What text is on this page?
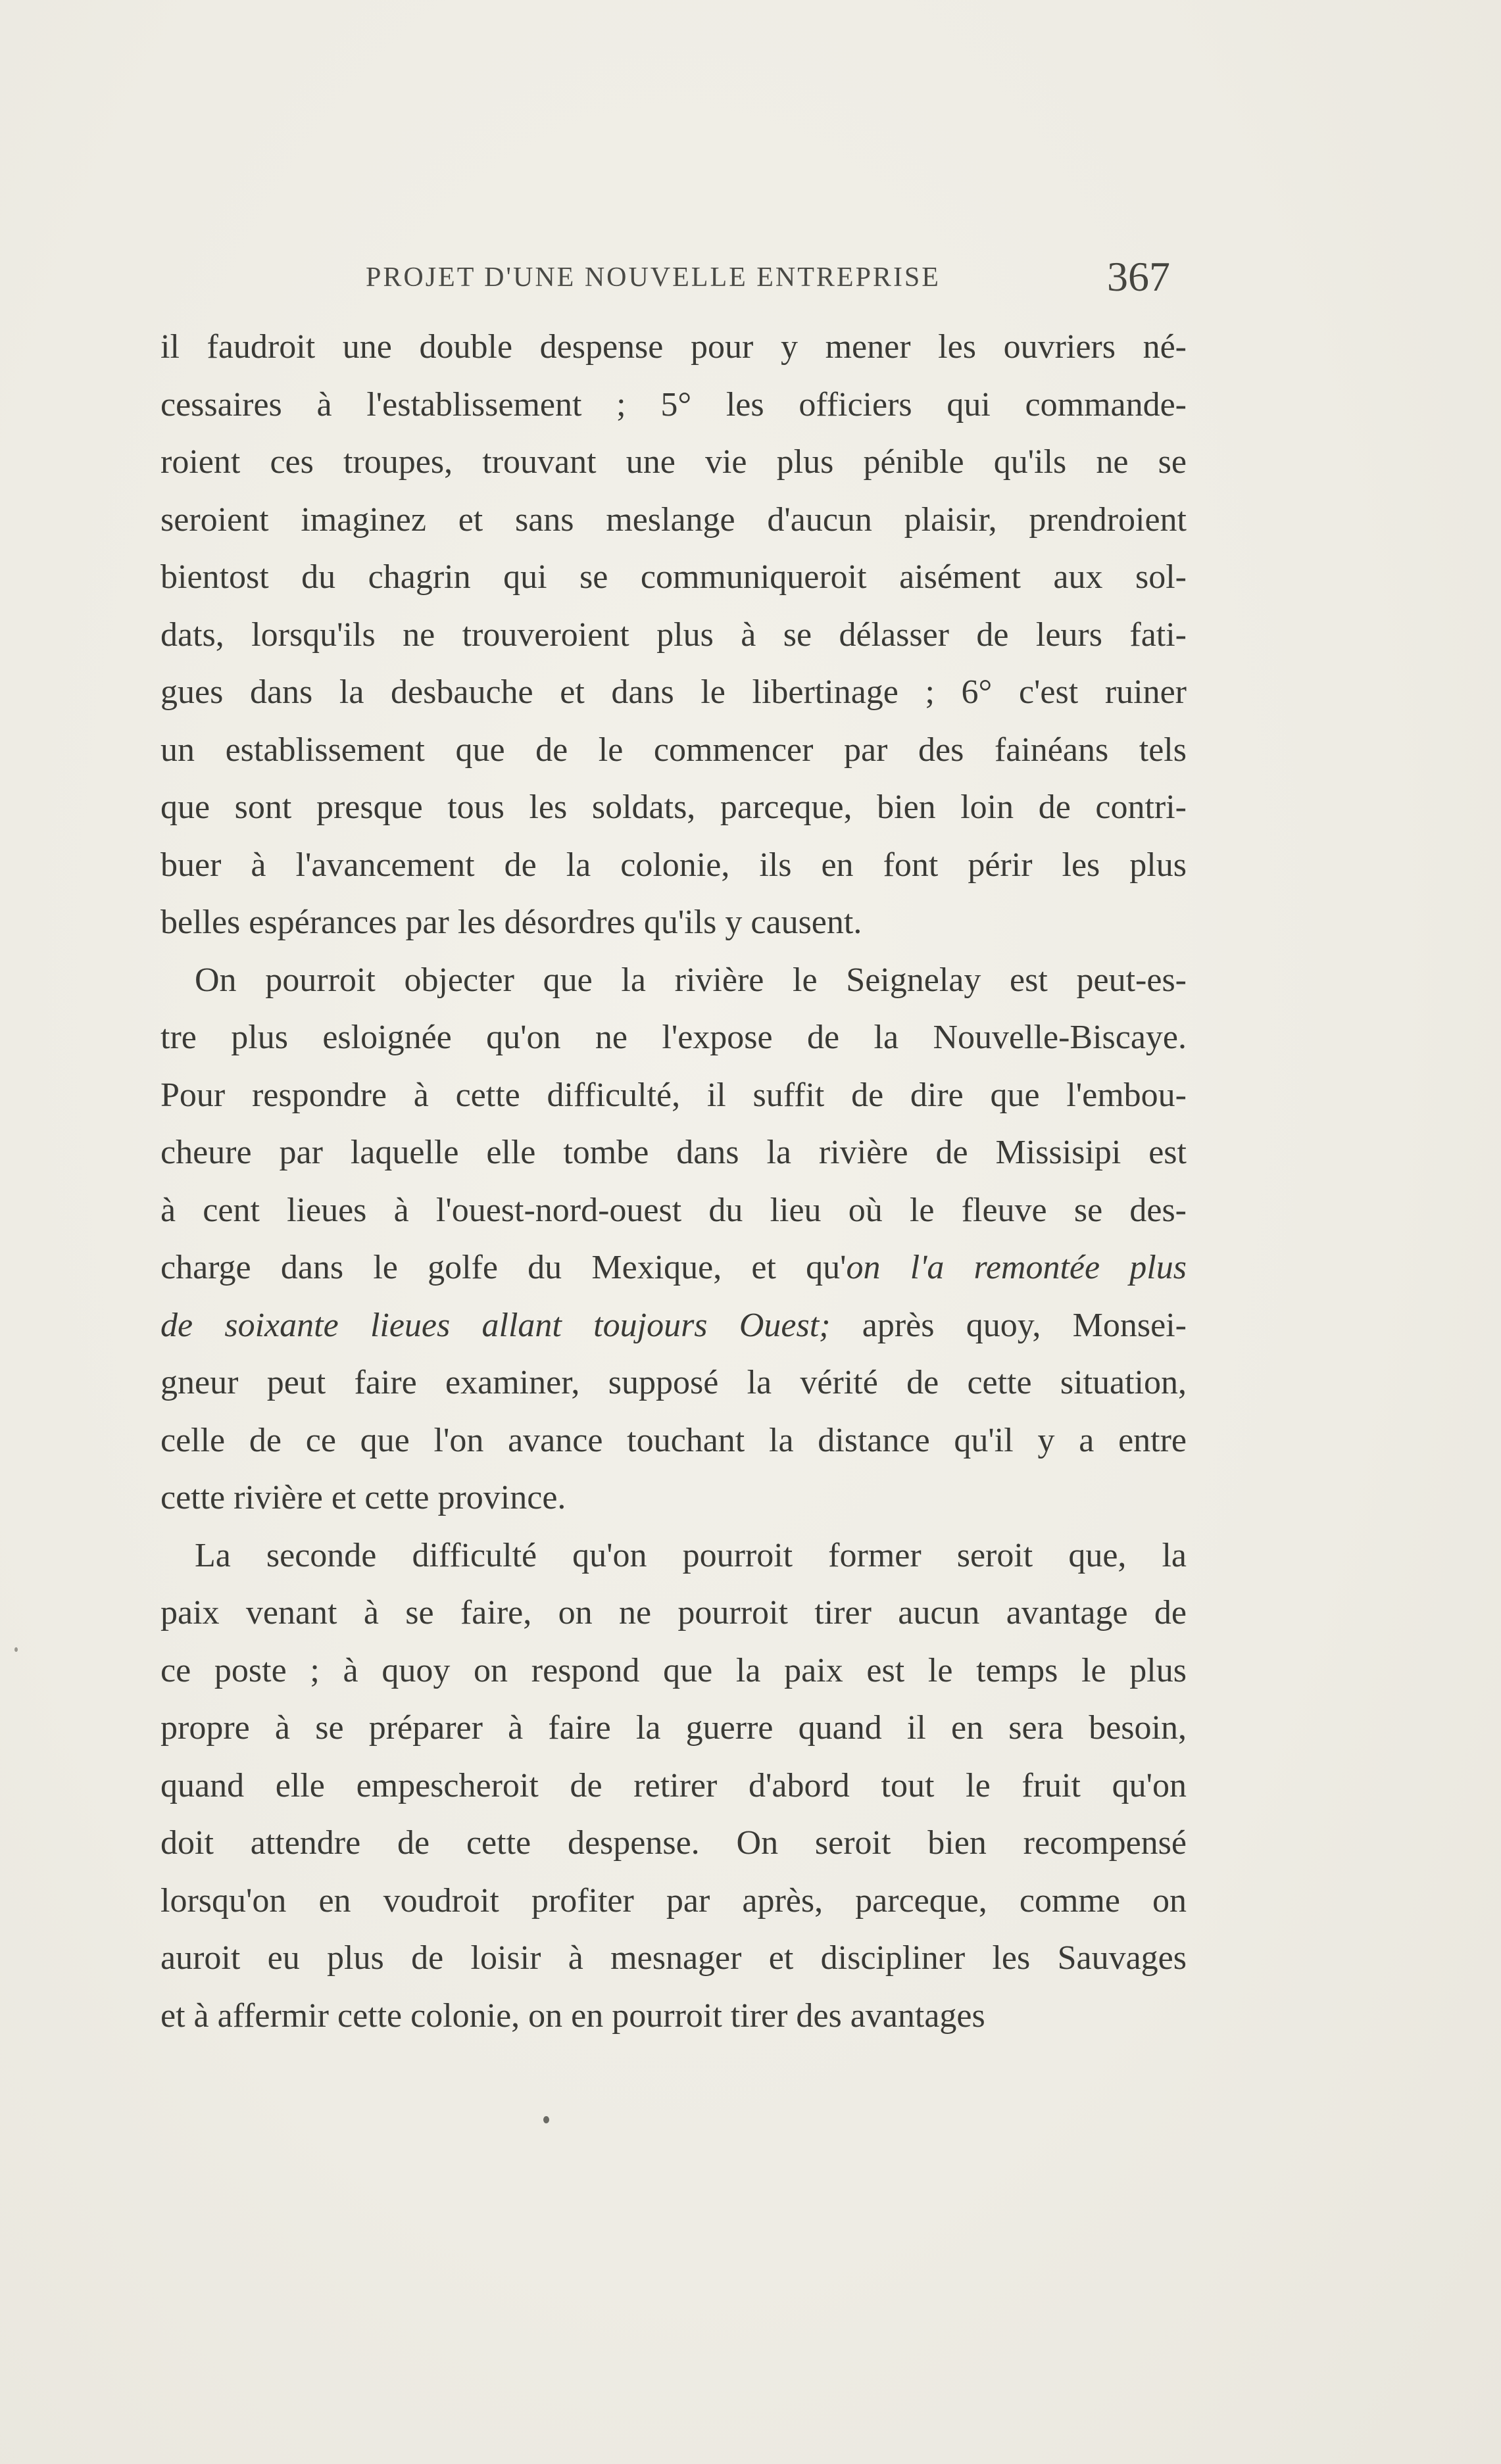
PROJET D'UNE NOUVELLE ENTREPRISE	367
il faudroit une double despense pour y mener les ouvriers né-
cessaires à l'establissement ; 5° les officiers qui commande-
roient ces troupes, trouvant une vie plus pénible qu'ils ne se
seroient imaginez et sans meslange d'aucun plaisir, prendroient
bientost du chagrin qui se communiqueroit aisément aux sol-
dats, lorsqu'ils ne trouveroient plus à se délasser de leurs fati-
gues dans la desbauche et dans le libertinage ; 6° c'est ruiner
un establissement que de le commencer par des fainéans tels
que sont presque tous les soldats, parceque, bien loin de contri-
buer à l'avancement de la colonie, ils en font périr les plus
belles espérances par les désordres qu'ils y causent.
On pourroit objecter que la rivière le Seignelay est peut-es-
tre plus esloignée qu'on ne l'expose de la Nouvelle-Biscaye.
Pour respondre à cette difficulté, il suffit de dire que l'embou-
cheure par laquelle elle tombe dans la rivière de Missisipi est
à cent lieues à l'ouest-nord-ouest du lieu où le fleuve se des-
charge dans le golfe du Mexique, et qu'on l'a remontée plus
de soixante lieues allant toujours Ouest; après quoy, Monsei-
gneur peut faire examiner, supposé la vérité de cette situation,
celle de ce que l'on avance touchant la distance qu'il y a entre
cette rivière et cette province.
La seconde difficulté qu'on pourroit former seroit que, la
paix venant à se faire, on ne pourroit tirer aucun avantage de
ce poste ; à quoy on respond que la paix est le temps le plus
propre à se préparer à faire la guerre quand il en sera besoin,
quand elle empescheroit de retirer d'abord tout le fruit qu'on
doit attendre de cette despense. On seroit bien recompensé
lorsqu'on en voudroit profiter par après, parceque, comme on
auroit eu plus de loisir à mesnager et discipliner les Sauvages
et à affermir cette colonie, on en pourroit tirer des avantages
